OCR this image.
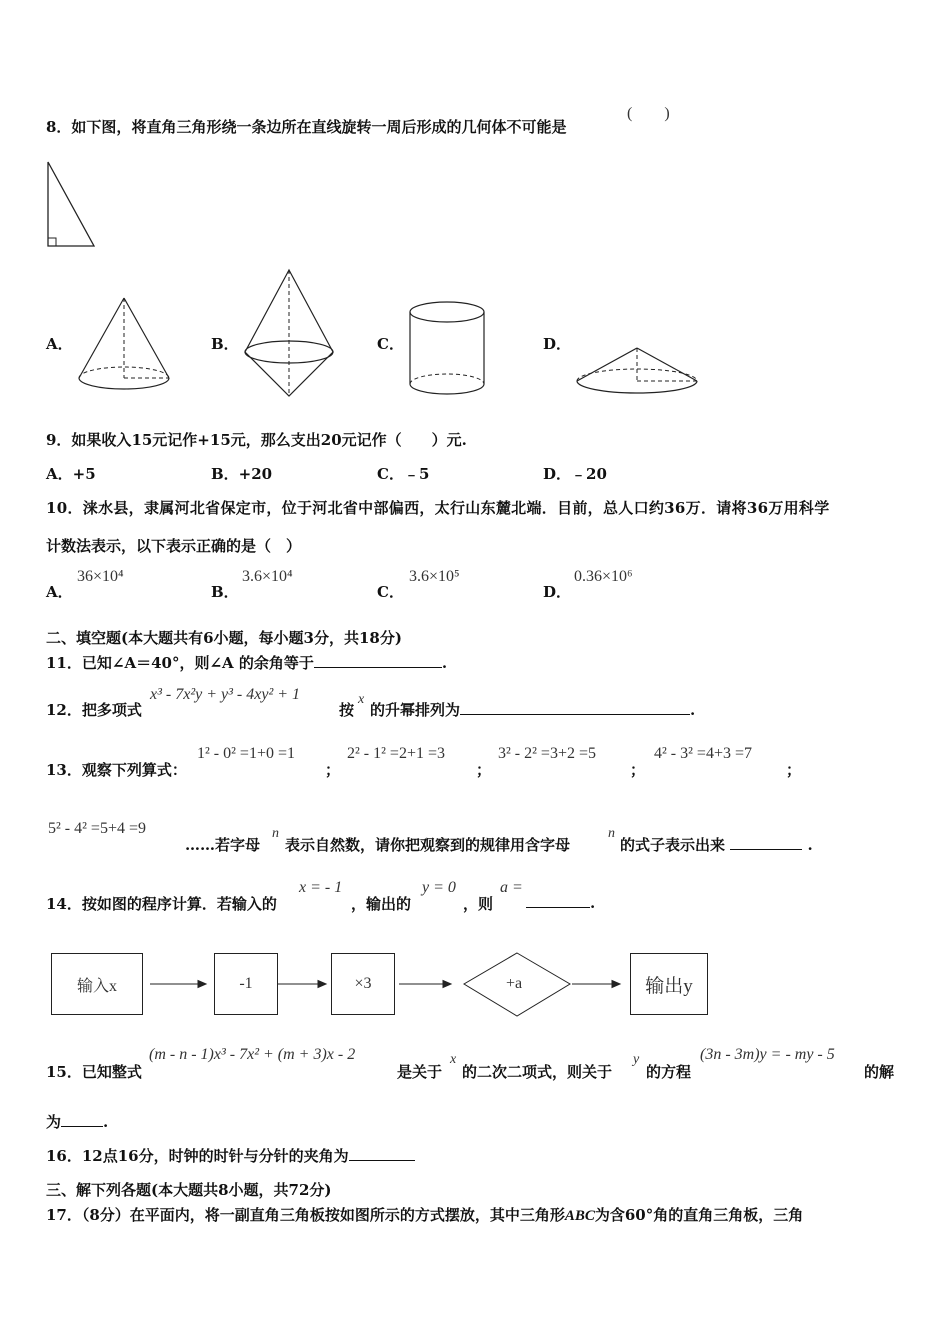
8．如下图，将直角三角形绕一条边所在直线旋转一周后形成的几何体不可能是
(　　)
A．	B．	C．	D．
9．如果收入15元记作+15元，那么支出20元记作（　　）元.
A．+5	B．+20	C．﹣5	D．﹣20
10．涞水县，隶属河北省保定市，位于河北省中部偏西，太行山东麓北端．目前，总人口约36万．请将36万用科学
计数法表示，以下表示正确的是（　）
A．
36×10⁴
B．
3.6×10⁴
C．
3.6×10⁵
D．
0.36×10⁶
二、填空题(本大题共有6小题，每小题3分，共18分)
11．已知∠A＝40°，则∠A 的余角等于	.
12．把多项式
x³ - 7x²y + y³ - 4xy² + 1
按
x
的升幂排列为	.
13．观察下列算式：
1² - 0² =1+0 =1
；
2² - 1² =2+1 =3
；
3² - 2² =3+2 =5
；
4² - 3² =4+3 =7
；
5² - 4² =5+4 =9
……若字母
n
表示自然数，请你把观察到的规律用含字母
n
的式子表示出来	.
14．按如图的程序计算．若输入的
x = - 1
，输出的
y = 0
，则
a =
.
输入x	-1	×3	+a	输出y
15．已知整式
(m - n - 1)x³ - 7x² + (m + 3)x - 2
是关于
x
的二次二项式，则关于
y
的方程
(3n - 3m)y = - my - 5
的解
为	.
16．12点16分，时钟的时针与分针的夹角为
三、解下列各题(本大题共8小题，共72分)
17．（8分）在平面内，将一副直角三角板按如图所示的方式摆放，其中三角形ABC为含60°角的直角三角板，三角
